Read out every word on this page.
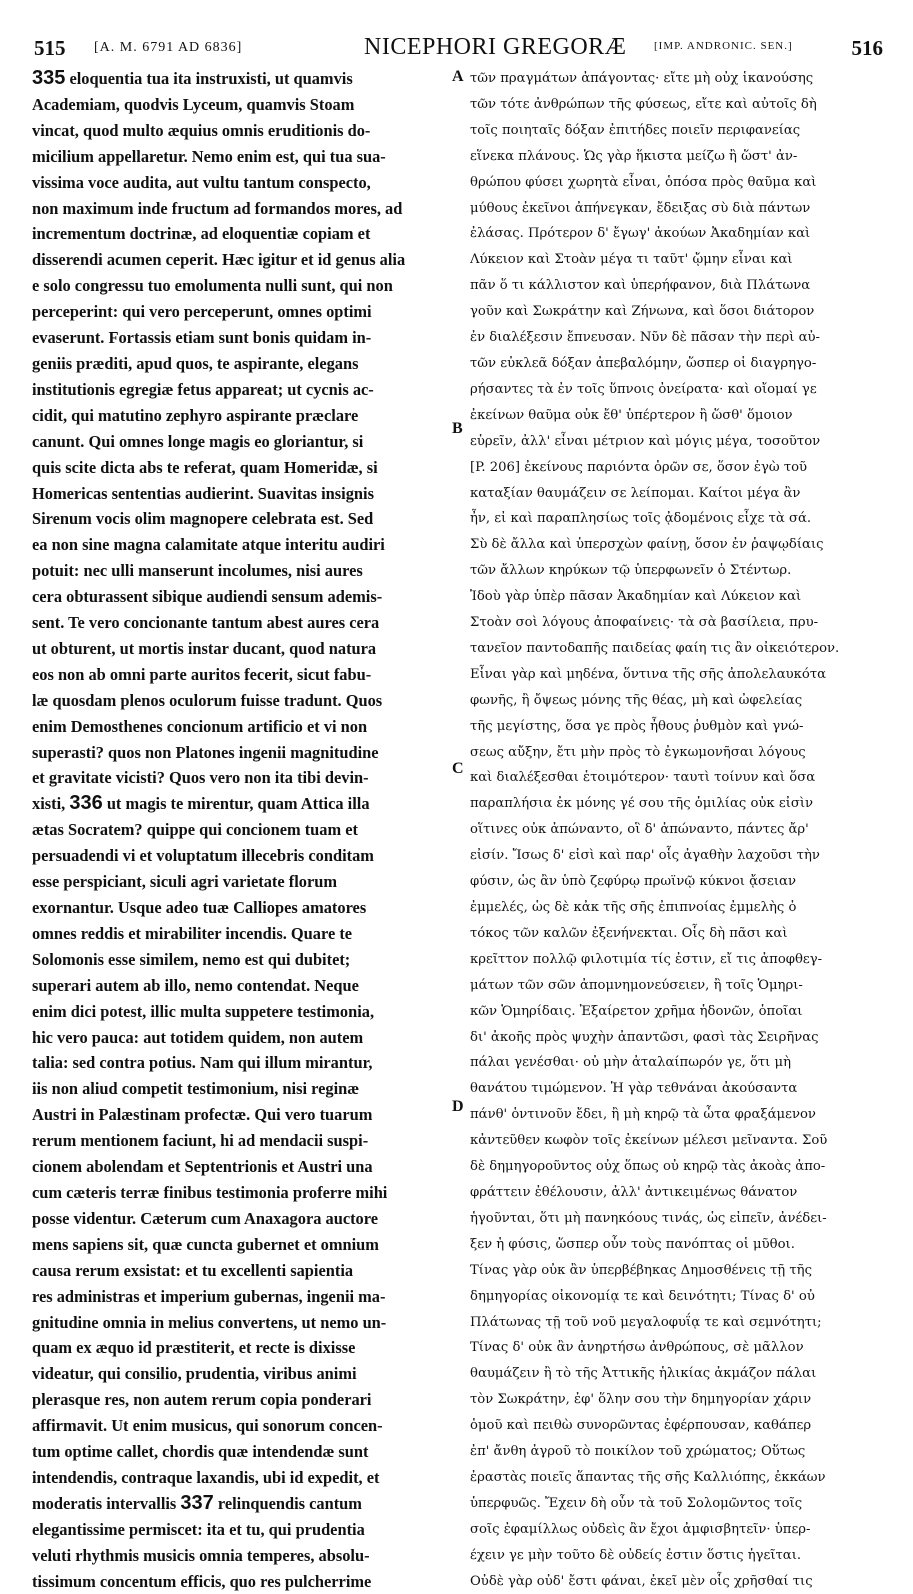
515 [A. M. 6791 AD 6836]	NICEPHORI GREGORÆ [IMP. ANDRONIC. SEN.]	516
335 eloquentia tua ita instruxisti, ut quamvis
Academiam, quodvis Lyceum, quamvis Stoam
vincat, quod multo æquius omnis eruditionis do-
micilium appellaretur. Nemo enim est, qui tua sua-
vissima voce audita, aut vultu tantum conspecto,
non maximum inde fructum ad formandos mores, ad
incrementum doctrinæ, ad eloquentiæ copiam et
disserendi acumen ceperit. Hæc igitur et id genus alia
e solo congressu tuo emolumenta nulli sunt, qui non
perceperint: qui vero perceperunt, omnes optimi
evaserunt. Fortassis etiam sunt bonis quidam in-
geniis præditi, apud quos, te aspirante, elegans
institutionis egregiæ fetus appareat; ut cycnis ac-
cidit, qui matutino zephyro aspirante præclare
canunt. Qui omnes longe magis eo gloriantur, si
quis scite dicta abs te referat, quam Homeridæ, si
Homericas sententias audierint. Suavitas insignis
Sirenum vocis olim magnopere celebrata est. Sed
ea non sine magna calamitate atque interitu audiri
potuit: nec ulli manserunt incolumes, nisi aures
cera obturassent sibique audiendi sensum ademis-
sent. Te vero concionante tantum abest aures cera
ut obturent, ut mortis instar ducant, quod natura
eos non ab omni parte auritos fecerit, sicut fabu-
læ quosdam plenos oculorum fuisse tradunt. Quos
enim Demosthenes concionum artificio et vi non
superasti? quos non Platones ingenii magnitudine
et gravitate vicisti? Quos vero non ita tibi devin-
xisti, 336 ut magis te mirentur, quam Attica illa
ætas Socratem? quippe qui concionem tuam et
persuadendi vi et voluptatum illecebris conditam
esse perspiciant, siculi agri varietate florum
exornantur. Usque adeo tuæ Calliopes amatores
omnes reddis et mirabiliter incendis. Quare te
Solomonis esse similem, nemo est qui dubitet;
superari autem ab illo, nemo contendat. Neque
enim dici potest, illic multa suppetere testimonia,
hic vero pauca: aut totidem quidem, non autem
talia: sed contra potius. Nam qui illum mirantur,
iis non aliud competit testimonium, nisi reginæ
Austri in Palæstinam profectæ. Qui vero tuarum
rerum mentionem faciunt, hi ad mendacii suspi-
cionem abolendam et Septentrionis et Austri una
cum cæteris terræ finibus testimonia proferre mihi
posse videntur. Cæterum cum Anaxagora auctore
mens sapiens sit, quæ cuncta gubernet et omnium
causa rerum exsistat: et tu excellenti sapientia
res administras et imperium gubernas, ingenii ma-
gnitudine omnia in melius convertens, ut nemo un-
quam ex æquo id præstiterit, et recte is dixisse
videatur, qui consilio, prudentia, viribus animi
plerasque res, non autem rerum copia ponderari
affirmavit. Ut enim musicus, qui sonorum concen-
tum optime callet, chordis quæ intendendæ sunt
intendendis, contraque laxandis, ubi id expedit, et
moderatis intervallis 337 relinquendis cantum
elegantissime permiscet: ita et tu, qui prudentia
veluti rhythmis musicis omnia temperes, absolu-
tissimum concentum efficis, quo res pulcherrime
τῶν πραγμάτων ἀπάγοντας· εἴτε μὴ οὐχ ἱκανούσης
τῶν τότε ἀνθρώπων τῆς φύσεως, εἴτε καὶ αὐτοῖς δὴ
τοῖς ποιηταῖς δόξαν ἐπιτήδες ποιεῖν περιφανείας
εἵνεκα πλάνους. Ὡς γὰρ ἥκιστα μείζω ἢ ὥστ' ἀν-
θρώπου φύσει χωρητὰ εἶναι, ὁπόσα πρὸς θαῦμα καὶ
μύθους ἐκεῖνοι ἀπήνεγκαν, ἔδειξας σὺ διὰ πάντων
ἐλάσας. Πρότερον δ' ἔγωγ' ἀκούων Ἀκαδημίαν καὶ
Λύκειον καὶ Στοὰν μέγα τι ταῦτ' ᾤμην εἶναι καὶ
πᾶν ὅ τι κάλλιστον καὶ ὑπερήφανον, διὰ Πλάτωνα
γοῦν καὶ Σωκράτην καὶ Ζήνωνα, καὶ ὅσοι διάτορον
ἐν διαλέξεσιν ἔπνευσαν. Νῦν δὲ πᾶσαν τὴν περὶ αὐ-
τῶν εὐκλεᾶ δόξαν ἀπεβαλόμην, ὥσπερ οἱ διαγρηγο-
ρήσαντες τὰ ἐν τοῖς ὕπνοις ὀνείρατα· καὶ οἴομαί γε
ἐκείνων θαῦμα οὐκ ἔθ' ὑπέρτερον ἢ ὥσθ' ὅμοιον
εὑρεῖν, ἀλλ' εἶναι μέτριον καὶ μόγις μέγα, τοσοῦτον
[P. 206] ἐκείνους παριόντα ὁρῶν σε, ὅσον ἐγὼ τοῦ
καταξίαν θαυμάζειν σε λείπομαι. Καίτοι μέγα ἂν
ἦν, εἰ καὶ παραπλησίως τοῖς ᾀδομένοις εἶχε τὰ σά.
Σὺ δὲ ἄλλα καὶ ὑπερσχὼν φαίνῃ, ὅσον ἐν ῥαψῳδίαις
τῶν ἄλλων κηρύκων τῷ ὑπερφωνεῖν ὁ Στέντωρ.
Ἰδοὺ γὰρ ὑπὲρ πᾶσαν Ἀκαδημίαν καὶ Λύκειον καὶ
Στοὰν σοὶ λόγους ἀποφαίνεις· τὰ σὰ βασίλεια, πρυ-
τανεῖον παντοδαπῆς παιδείας φαίη τις ἂν οἰκειότερον.
Εἶναι γὰρ καὶ μηδένα, ὅντινα τῆς σῆς ἀπολελαυκότα
φωνῆς, ἢ ὄψεως μόνης τῆς θέας, μὴ καὶ ὠφελείας
τῆς μεγίστης, ὅσα γε πρὸς ἦθους ῥυθμὸν καὶ γνώ-
σεως αὔξην, ἔτι μὴν πρὸς τὸ ἐγκωμονῆσαι λόγους
καὶ διαλέξεσθαι ἑτοιμότερον· ταυτὶ τοίνυν καὶ ὅσα
παραπλήσια ἐκ μόνης γέ σου τῆς ὁμιλίας οὐκ εἰσὶν
οἵτινες οὐκ ἀπώναντο, οἳ δ' ἀπώναντο, πάντες ἄρ'
εἰσίν. Ἴσως δ' εἰσὶ καὶ παρ' οἷς ἀγαθὴν λαχοῦσι τὴν
φύσιν, ὡς ἂν ὑπὸ ζεφύρῳ πρωϊνῷ κύκνοι ᾄσειαν
ἐμμελές, ὡς δὲ κἀκ τῆς σῆς ἐπιπνοίας ἐμμελὴς ὁ
τόκος τῶν καλῶν ἐξενήνεκται. Οἷς δὴ πᾶσι καὶ
κρεῖττον πολλῷ φιλοτιμία τίς ἐστιν, εἴ τις ἀποφθεγ-
μάτων τῶν σῶν ἀπομνημονεύσειεν, ἢ τοῖς Ὁμηρι-
κῶν Ὁμηρίδαις. Ἐξαίρετον χρῆμα ἡδονῶν, ὁποῖαι
δι' ἀκοῆς πρὸς ψυχὴν ἀπαντῶσι, φασὶ τὰς Σειρῆνας
πάλαι γενέσθαι· οὐ μὴν ἀταλαίπωρόν γε, ὅτι μὴ
θανάτου τιμώμενον. Ἡ γὰρ τεθνάναι ἀκούσαντα
πάνθ' ὁντινοῦν ἔδει, ἢ μὴ κηρῷ τὰ ὦτα φραξάμενον
κἀντεῦθεν κωφὸν τοῖς ἐκείνων μέλεσι μεῖναντα. Σοῦ
δὲ δημηγοροῦντος οὐχ ὅπως οὐ κηρῷ τὰς ἀκοὰς ἀπο-
φράττειν ἐθέλουσιν, ἀλλ' ἀντικειμένως θάνατον
ἡγοῦνται, ὅτι μὴ πανηκόους τινάς, ὡς εἰπεῖν, ἀνέδει-
ξεν ἡ φύσις, ὥσπερ οὖν τοὺς πανόπτας οἱ μῦθοι.
Τίνας γὰρ οὐκ ἂν ὑπερβέβηκας Δημοσθένεις τῇ τῆς
δημηγορίας οἰκονομίᾳ τε καὶ δεινότητι; Τίνας δ' οὐ
Πλάτωνας τῇ τοῦ νοῦ μεγαλοφυΐᾳ τε καὶ σεμνότητι;
Τίνας δ' οὐκ ἂν ἀνηρτήσω ἀνθρώπους, σὲ μᾶλλον
θαυμάζειν ἢ τὸ τῆς Ἀττικῆς ἡλικίας ἀκμάζον πάλαι
τὸν Σωκράτην, ἐφ' ὅλην σου τὴν δημηγορίαν χάριν
ὁμοῦ καὶ πειθὼ συνορῶντας ἐφέρπουσαν, καθάπερ
ἐπ' ἄνθη ἀγροῦ τὸ ποικίλον τοῦ χρώματος; Οὕτως
ἐραστὰς ποιεῖς ἅπαντας τῆς σῆς Καλλιόπης, ἐκκάων
ὑπερφυῶς. Ἔχειν δὴ οὖν τὰ τοῦ Σολομῶντος τοῖς
σοῖς ἐφαμίλλως οὐδεὶς ἂν ἔχοι ἀμφισβητεῖν· ὑπερ-
έχειν γε μὴν τοῦτο δὲ οὐδείς ἐστιν ὅστις ἡγεῖται.
Οὐδὲ γὰρ οὐδ' ἔστι φάναι, ἐκεῖ μὲν οἷς χρῆσθαί τις
A
B
C
D
